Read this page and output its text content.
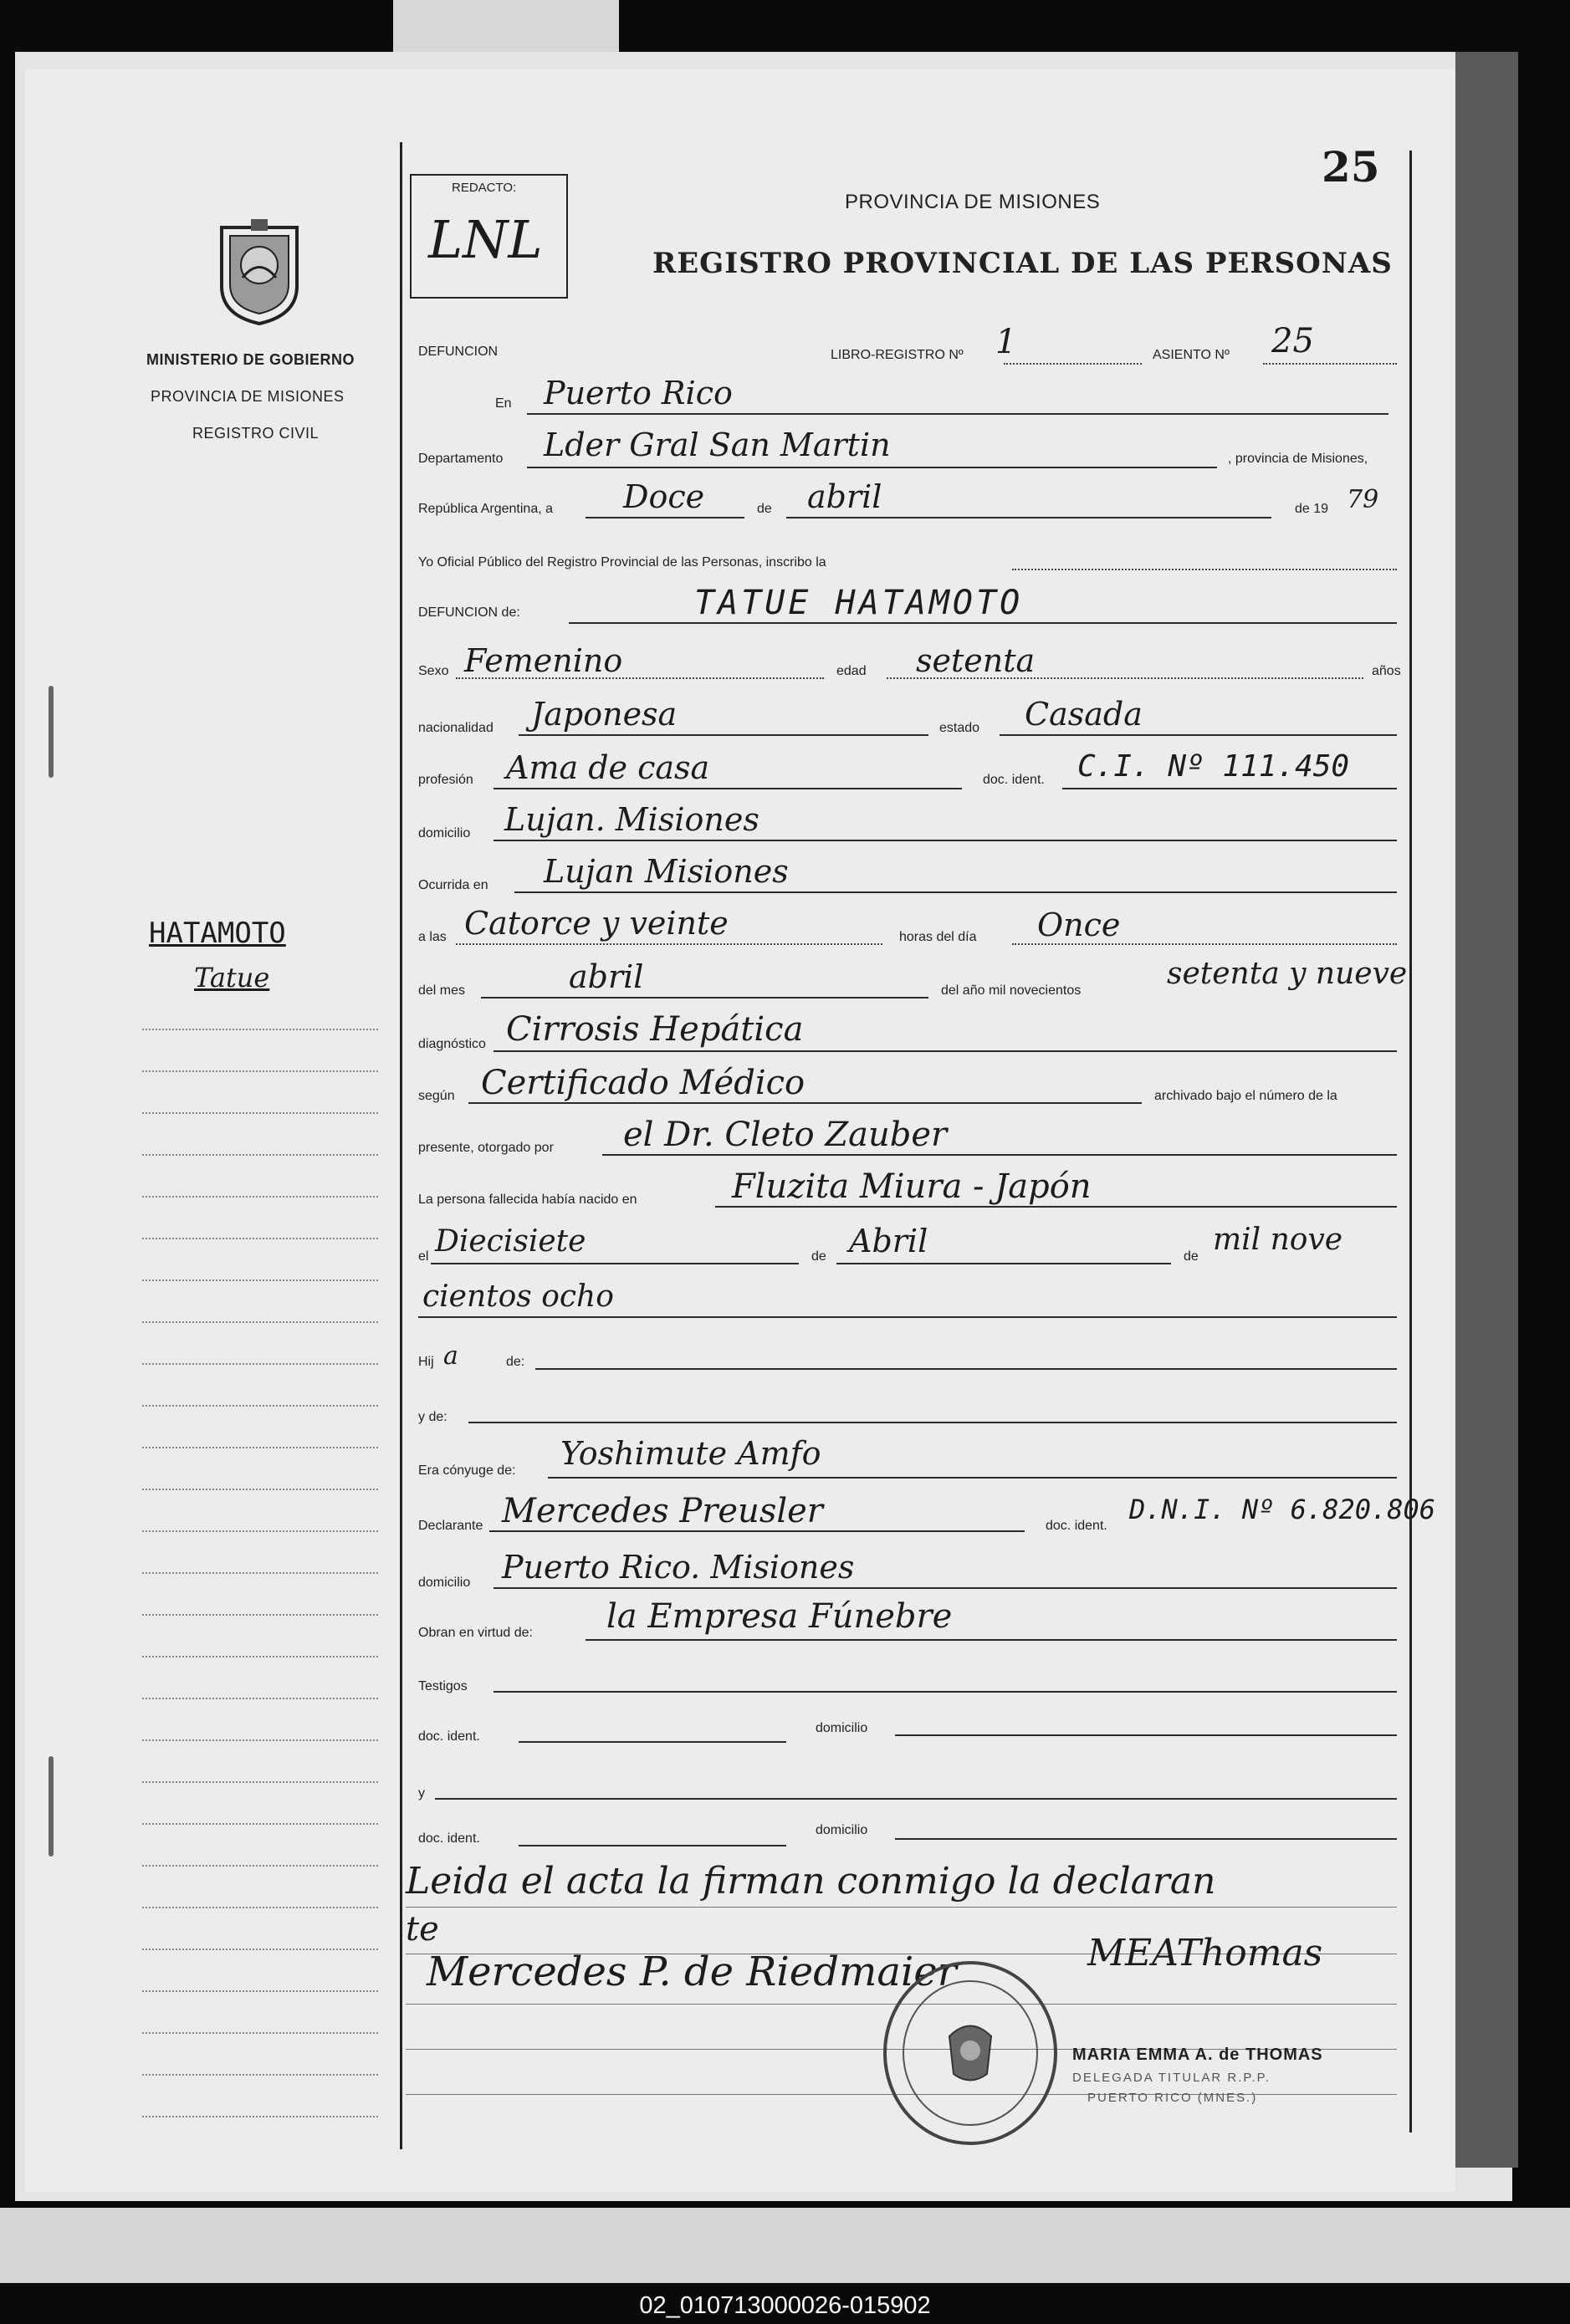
25
REDACTO:
LNL
MINISTERIO DE GOBIERNO
PROVINCIA DE MISIONES
REGISTRO CIVIL
PROVINCIA DE MISIONES
REGISTRO PROVINCIAL DE LAS PERSONAS
HATAMOTO
Tatue
DEFUNCION	LIBRO-REGISTRO Nº 1	ASIENTO Nº 25
En Puerto Rico
Departamento Lder Gral San Martin	, provincia de Misiones,
República Argentina, a Doce	de abril	de 19 79
Yo Oficial Público del Registro Provincial de las Personas, inscribo la
DEFUNCION de:	TATUE HATAMOTO
Sexo Femenino	edad setenta	años
nacionalidad Japonesa	estado Casada
profesión Ama de casa	doc. ident. C.I. Nº 111.450
domicilio Lujan. Misiones
Ocurrida en Lujan Misiones
a las Catorce y veinte	horas del día Once
del mes	abril	del año mil novecientos	setenta y nueve
diagnóstico Cirrosis Hepática
según Certificado Médico	archivado bajo el número de la
presente, otorgado por el Dr. Cleto Zauber
La persona fallecida había nacido en	Fluzita Miura - Japón
el Diecisiete	de Abril	de mil nove
cientos ocho
Hij a	de:
y de:
Era cónyuge de: Yoshimute Amfo
Declarante Mercedes Preusler	doc. ident.
D.N.I. Nº 6.820.806
domicilio Puerto Rico. Misiones
Obran en virtud de: la Empresa Fúnebre
Testigos
doc. ident.
domicilio
y
doc. ident.
domicilio
Leida el acta la firman conmigo la declaran
te
Mercedes P. de Riedmaier	MEAThomas
MARIA EMMA A. de THOMAS
DELEGADA TITULAR R.P.P.
PUERTO RICO (MNES.)
02_010713000026-015902
